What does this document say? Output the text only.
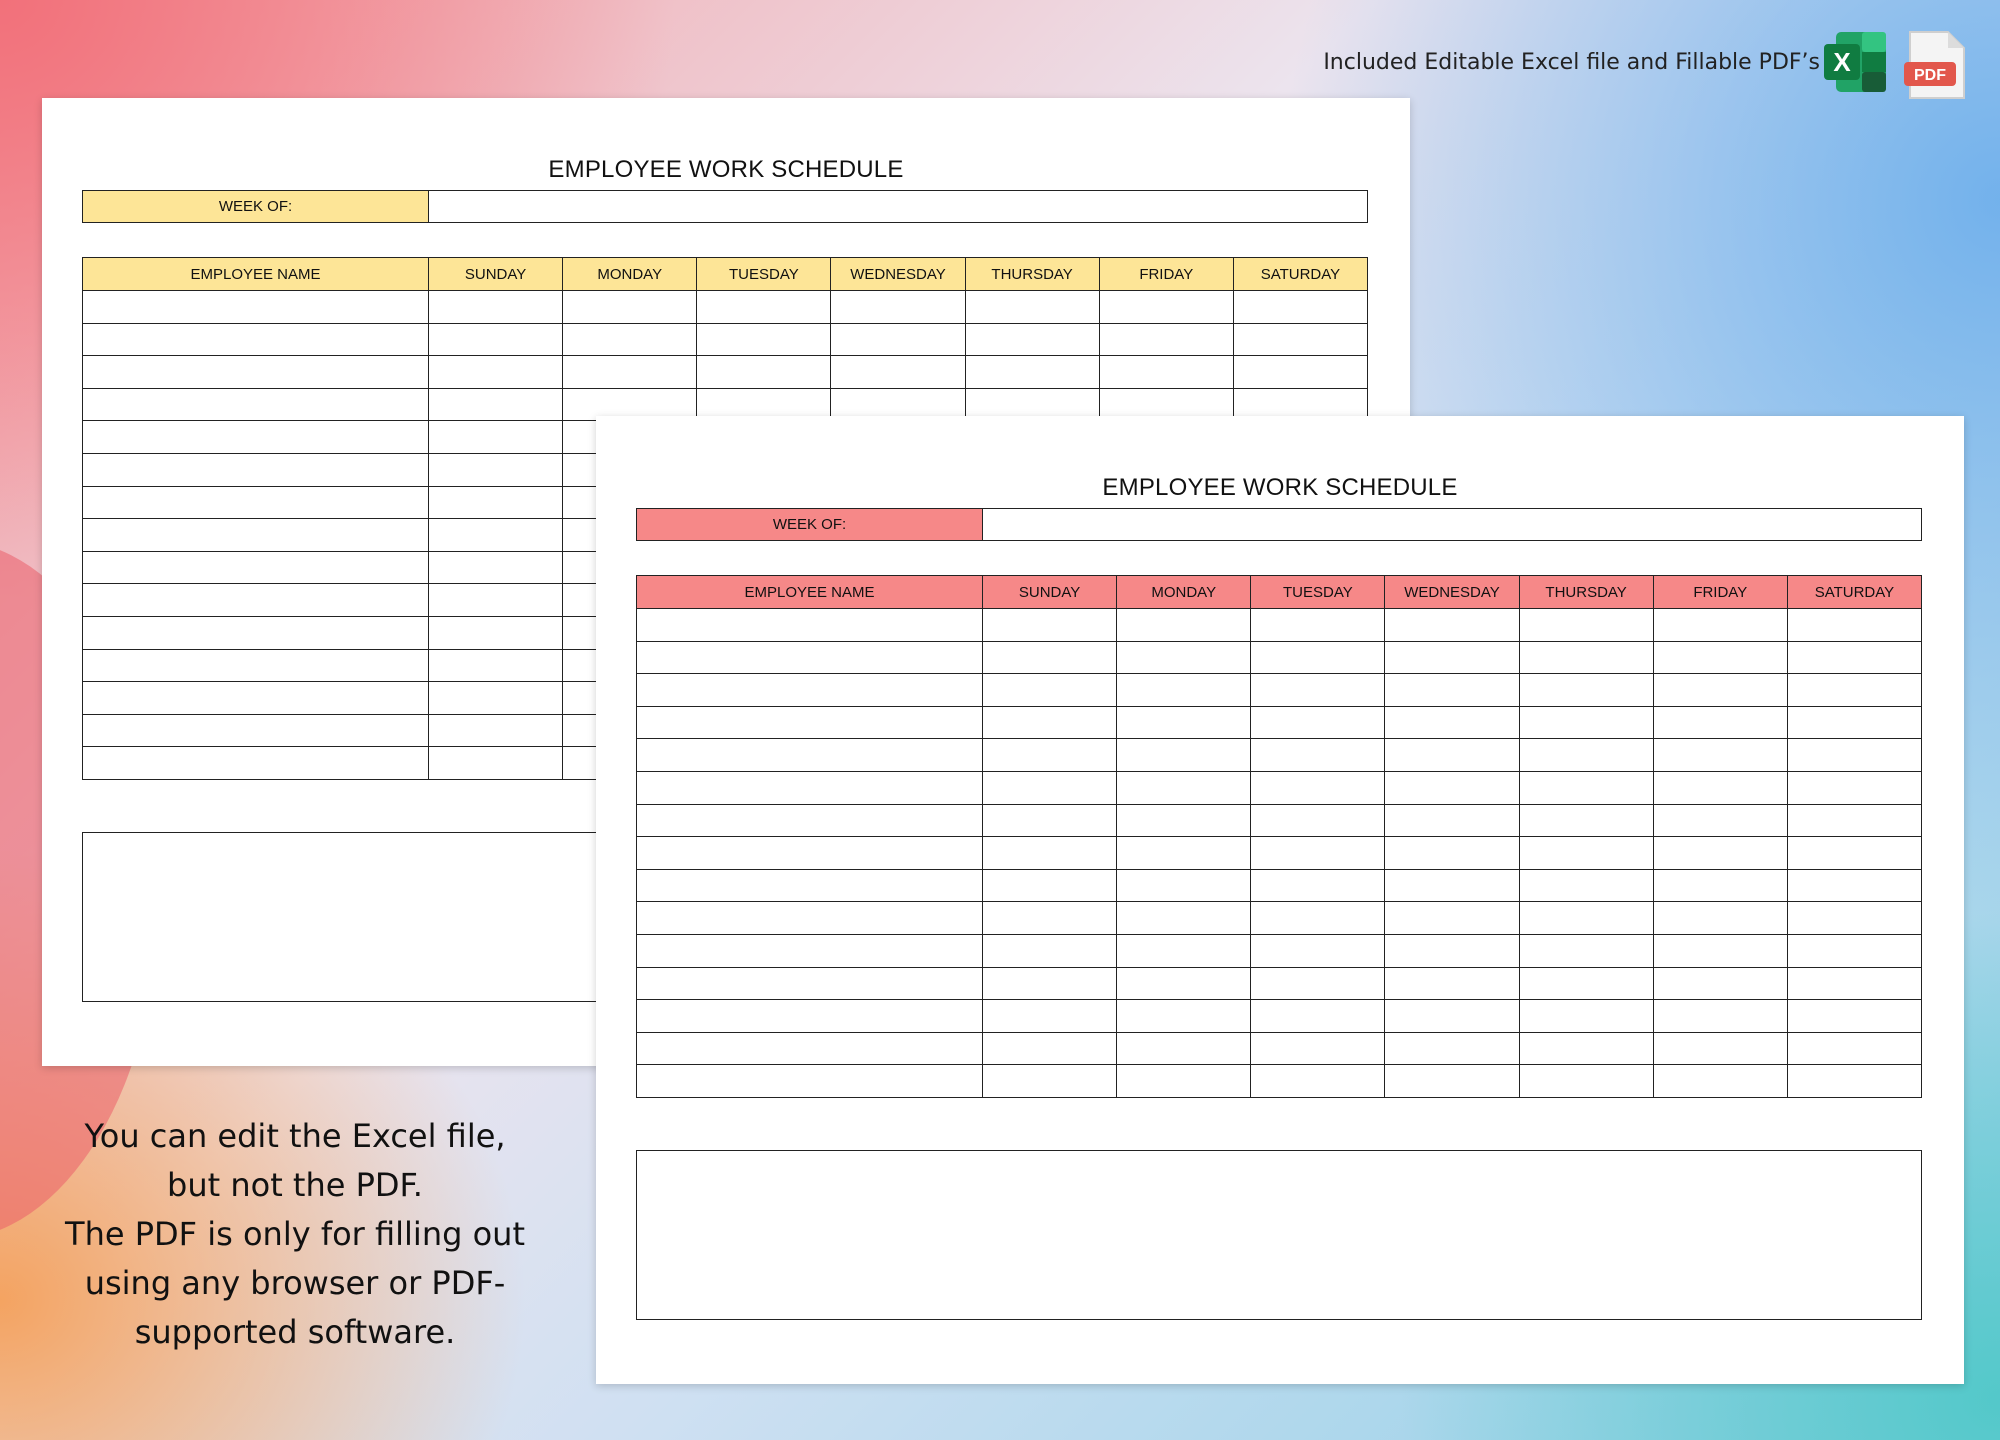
Included Editable Excel file and Fillable PDF’s X	PDF
EMPLOYEE WORK SCHEDULE
WEEK OF:
EMPLOYEE NAME	SUNDAY	MONDAY	TUESDAY	WEDNESDAY	THURSDAY	FRIDAY	SATURDAY

EMPLOYEE WORK SCHEDULE
WEEK OF:
EMPLOYEE NAME	SUNDAY	MONDAY	TUESDAY	WEDNESDAY	THURSDAY	FRIDAY	SATURDAY

You can edit the Excel file,
but not the PDF.
The PDF is only for filling out
using any browser or PDF-
supported software.
